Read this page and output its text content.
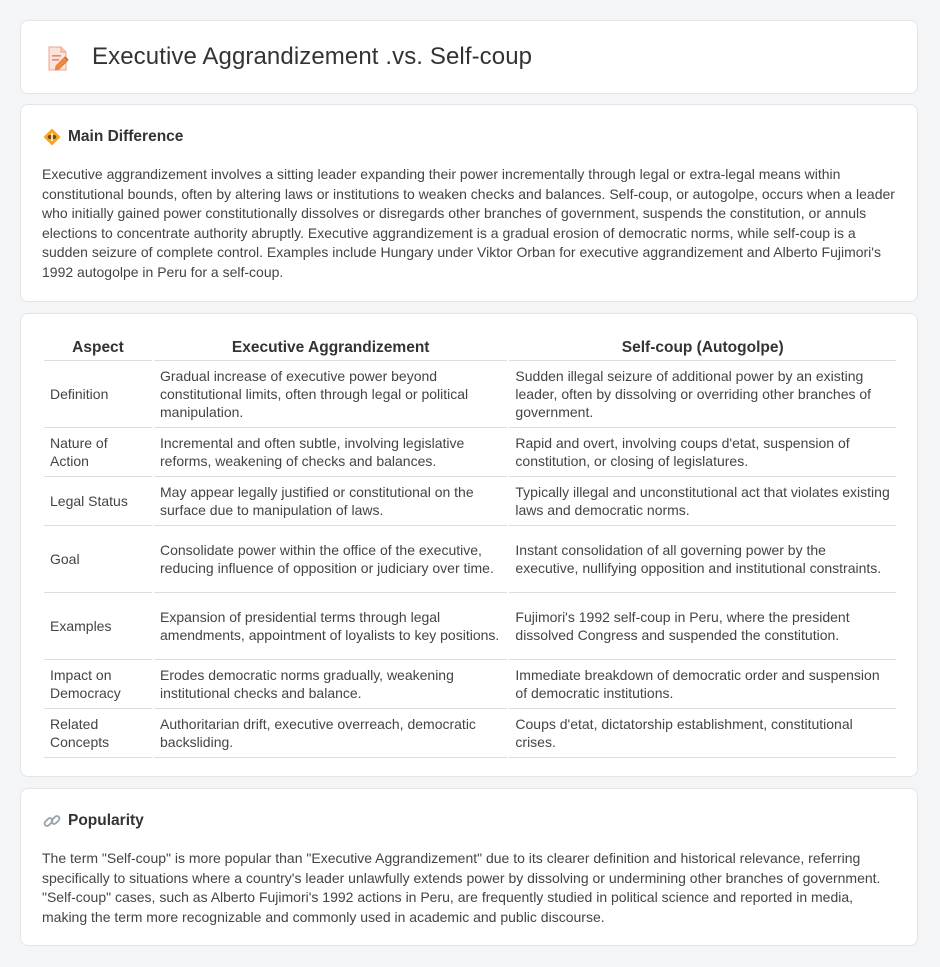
Executive Aggrandizement .vs. Self-coup
Main Difference

Executive aggrandizement involves a sitting leader expanding their power incrementally through legal or extra-legal means within constitutional bounds, often by altering laws or institutions to weaken checks and balances. Self-coup, or autogolpe, occurs when a leader who initially gained power constitutionally dissolves or disregards other branches of government, suspends the constitution, or annuls elections to concentrate authority abruptly. Executive aggrandizement is a gradual erosion of democratic norms, while self-coup is a sudden seizure of complete control. Examples include Hungary under Viktor Orban for executive aggrandizement and Alberto Fujimori's 1992 autogolpe in Peru for a self-coup.

Aspect	Executive Aggrandizement	Self-coup (Autogolpe)
Definition	Gradual increase of executive power beyond constitutional limits, often through legal or political manipulation.	Sudden illegal seizure of additional power by an existing leader, often by dissolving or overriding other branches of government.
Nature of Action	Incremental and often subtle, involving legislative reforms, weakening of checks and balances.	Rapid and overt, involving coups d'etat, suspension of constitution, or closing of legislatures.
Legal Status	May appear legally justified or constitutional on the surface due to manipulation of laws.	Typically illegal and unconstitutional act that violates existing laws and democratic norms.
Goal	Consolidate power within the office of the executive, reducing influence of opposition or judiciary over time.	Instant consolidation of all governing power by the executive, nullifying opposition and institutional constraints.
Examples	Expansion of presidential terms through legal amendments, appointment of loyalists to key positions.	Fujimori's 1992 self-coup in Peru, where the president dissolved Congress and suspended the constitution.
Impact on Democracy	Erodes democratic norms gradually, weakening institutional checks and balance.	Immediate breakdown of democratic order and suspension of democratic institutions.
Related Concepts	Authoritarian drift, executive overreach, democratic backsliding.	Coups d'etat, dictatorship establishment, constitutional crises.
Popularity

The term "Self-coup" is more popular than "Executive Aggrandizement" due to its clearer definition and historical relevance, referring specifically to situations where a country's leader unlawfully extends power by dissolving or undermining other branches of government. "Self-coup" cases, such as Alberto Fujimori's 1992 actions in Peru, are frequently studied in political science and reported in media, making the term more recognizable and commonly used in academic and public discourse.
